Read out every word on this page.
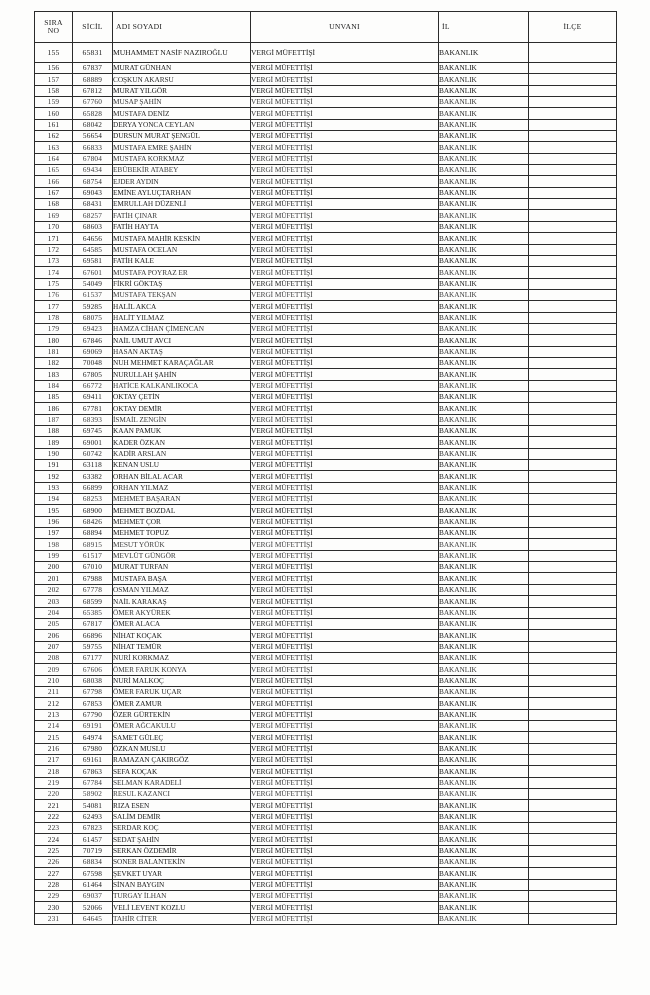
SIRA
NO	SİCİL	ADI SOYADI	UNVANI	İL	İLÇE

155	65831	MUHAMMET NASİF NAZIROĞLU	VERGİ MÜFETTİŞİ	BAKANLIK	
156	67837	MURAT GÜNHAN	VERGİ MÜFETTİŞİ	BAKANLIK	
157	68889	COŞKUN AKARSU	VERGİ MÜFETTİŞİ	BAKANLIK	
158	67812	MURAT YILGÖR	VERGİ MÜFETTİŞİ	BAKANLIK	
159	67760	MUSAP ŞAHİN	VERGİ MÜFETTİŞİ	BAKANLIK	
160	65828	MUSTAFA DENİZ	VERGİ MÜFETTİŞİ	BAKANLIK	
161	68042	DERYA YONCA CEYLAN	VERGİ MÜFETTİŞİ	BAKANLIK	
162	56654	DURSUN MURAT ŞENGÜL	VERGİ MÜFETTİŞİ	BAKANLIK	
163	66833	MUSTAFA EMRE ŞAHİN	VERGİ MÜFETTİŞİ	BAKANLIK	
164	67804	MUSTAFA KORKMAZ	VERGİ MÜFETTİŞİ	BAKANLIK	
165	69434	EBÜBEKİR ATABEY	VERGİ MÜFETTİŞİ	BAKANLIK	
166	68754	EJDER AYDIN	VERGİ MÜFETTİŞİ	BAKANLIK	
167	69043	EMİNE AYLUÇTARHAN	VERGİ MÜFETTİŞİ	BAKANLIK	
168	68431	EMRULLAH DÜZENLİ	VERGİ MÜFETTİŞİ	BAKANLIK	
169	68257	FATİH ÇINAR	VERGİ MÜFETTİŞİ	BAKANLIK	
170	68603	FATİH HAYTA	VERGİ MÜFETTİŞİ	BAKANLIK	
171	64656	MUSTAFA MAHİR KESKİN	VERGİ MÜFETTİŞİ	BAKANLIK	
172	64585	MUSTAFA OCELAN	VERGİ MÜFETTİŞİ	BAKANLIK	
173	69581	FATİH KALE	VERGİ MÜFETTİŞİ	BAKANLIK	
174	67601	MUSTAFA POYRAZ ER	VERGİ MÜFETTİŞİ	BAKANLIK	
175	54049	FİKRİ GÖKTAŞ	VERGİ MÜFETTİŞİ	BAKANLIK	
176	61537	MUSTAFA TEKŞAN	VERGİ MÜFETTİŞİ	BAKANLIK	
177	59285	HALİL AKCA	VERGİ MÜFETTİŞİ	BAKANLIK	
178	68075	HALİT YILMAZ	VERGİ MÜFETTİŞİ	BAKANLIK	
179	69423	HAMZA CİHAN ÇİMENCAN	VERGİ MÜFETTİŞİ	BAKANLIK	
180	67846	NAİL UMUT AVCI	VERGİ MÜFETTİŞİ	BAKANLIK	
181	69069	HASAN AKTAŞ	VERGİ MÜFETTİŞİ	BAKANLIK	
182	70048	NUH MEHMET KARAÇAĞLAR	VERGİ MÜFETTİŞİ	BAKANLIK	
183	67805	NURULLAH ŞAHİN	VERGİ MÜFETTİŞİ	BAKANLIK	
184	66772	HATİCE KALKANLIKOCA	VERGİ MÜFETTİŞİ	BAKANLIK	
185	69411	OKTAY ÇETİN	VERGİ MÜFETTİŞİ	BAKANLIK	
186	67781	OKTAY DEMİR	VERGİ MÜFETTİŞİ	BAKANLIK	
187	68393	İSMAİL ZENGİN	VERGİ MÜFETTİŞİ	BAKANLIK	
188	69745	KAAN PAMUK	VERGİ MÜFETTİŞİ	BAKANLIK	
189	69001	KADER ÖZKAN	VERGİ MÜFETTİŞİ	BAKANLIK	
190	60742	KADİR ARSLAN	VERGİ MÜFETTİŞİ	BAKANLIK	
191	63118	KENAN USLU	VERGİ MÜFETTİŞİ	BAKANLIK	
192	63382	ORHAN BİLAL ACAR	VERGİ MÜFETTİŞİ	BAKANLIK	
193	66899	ORHAN YILMAZ	VERGİ MÜFETTİŞİ	BAKANLIK	
194	68253	MEHMET BAŞARAN	VERGİ MÜFETTİŞİ	BAKANLIK	
195	68900	MEHMET BOZDAL	VERGİ MÜFETTİŞİ	BAKANLIK	
196	68426	MEHMET ÇOR	VERGİ MÜFETTİŞİ	BAKANLIK	
197	68894	MEHMET TOPUZ	VERGİ MÜFETTİŞİ	BAKANLIK	
198	68915	MESUT YÖRÜK	VERGİ MÜFETTİŞİ	BAKANLIK	
199	61517	MEVLÜT GÜNGÖR	VERGİ MÜFETTİŞİ	BAKANLIK	
200	67010	MURAT TURFAN	VERGİ MÜFETTİŞİ	BAKANLIK	
201	67988	MUSTAFA BAŞA	VERGİ MÜFETTİŞİ	BAKANLIK	
202	67778	OSMAN YILMAZ	VERGİ MÜFETTİŞİ	BAKANLIK	
203	68599	NAİL KARAKAŞ	VERGİ MÜFETTİŞİ	BAKANLIK	
204	65385	ÖMER AKYÜREK	VERGİ MÜFETTİŞİ	BAKANLIK	
205	67817	ÖMER ALACA	VERGİ MÜFETTİŞİ	BAKANLIK	
206	66896	NİHAT KOÇAK	VERGİ MÜFETTİŞİ	BAKANLIK	
207	59755	NİHAT TEMÜR	VERGİ MÜFETTİŞİ	BAKANLIK	
208	67177	NURİ KORKMAZ	VERGİ MÜFETTİŞİ	BAKANLIK	
209	67606	ÖMER FARUK KONYA	VERGİ MÜFETTİŞİ	BAKANLIK	
210	68038	NURİ MALKOÇ	VERGİ MÜFETTİŞİ	BAKANLIK	
211	67798	ÖMER FARUK UÇAR	VERGİ MÜFETTİŞİ	BAKANLIK	
212	67853	ÖMER ZAMUR	VERGİ MÜFETTİŞİ	BAKANLIK	
213	67790	ÖZER GÜRTEKİN	VERGİ MÜFETTİŞİ	BAKANLIK	
214	69191	ÖMER AĞCAKULU	VERGİ MÜFETTİŞİ	BAKANLIK	
215	64974	SAMET GÜLEÇ	VERGİ MÜFETTİŞİ	BAKANLIK	
216	67980	ÖZKAN MUSLU	VERGİ MÜFETTİŞİ	BAKANLIK	
217	69161	RAMAZAN ÇAKIRGÖZ	VERGİ MÜFETTİŞİ	BAKANLIK	
218	67863	SEFA KOÇAK	VERGİ MÜFETTİŞİ	BAKANLIK	
219	67784	SELMAN KARADELİ	VERGİ MÜFETTİŞİ	BAKANLIK	
220	58902	RESUL KAZANCI	VERGİ MÜFETTİŞİ	BAKANLIK	
221	54081	RIZA ESEN	VERGİ MÜFETTİŞİ	BAKANLIK	
222	62493	SALİM DEMİR	VERGİ MÜFETTİŞİ	BAKANLIK	
223	67823	SERDAR KOÇ	VERGİ MÜFETTİŞİ	BAKANLIK	
224	61457	SEDAT ŞAHİN	VERGİ MÜFETTİŞİ	BAKANLIK	
225	70719	SERKAN ÖZDEMİR	VERGİ MÜFETTİŞİ	BAKANLIK	
226	68834	SONER BALANTEKİN	VERGİ MÜFETTİŞİ	BAKANLIK	
227	67598	ŞEVKET UYAR	VERGİ MÜFETTİŞİ	BAKANLIK	
228	61464	SİNAN BAYGIN	VERGİ MÜFETTİŞİ	BAKANLIK	
229	69037	TURGAY İLHAN	VERGİ MÜFETTİŞİ	BAKANLIK	
230	52066	VELİ LEVENT KOZLU	VERGİ MÜFETTİŞİ	BAKANLIK	
231	64645	TAHİR CİTER	VERGİ MÜFETTİŞİ	BAKANLIK	
